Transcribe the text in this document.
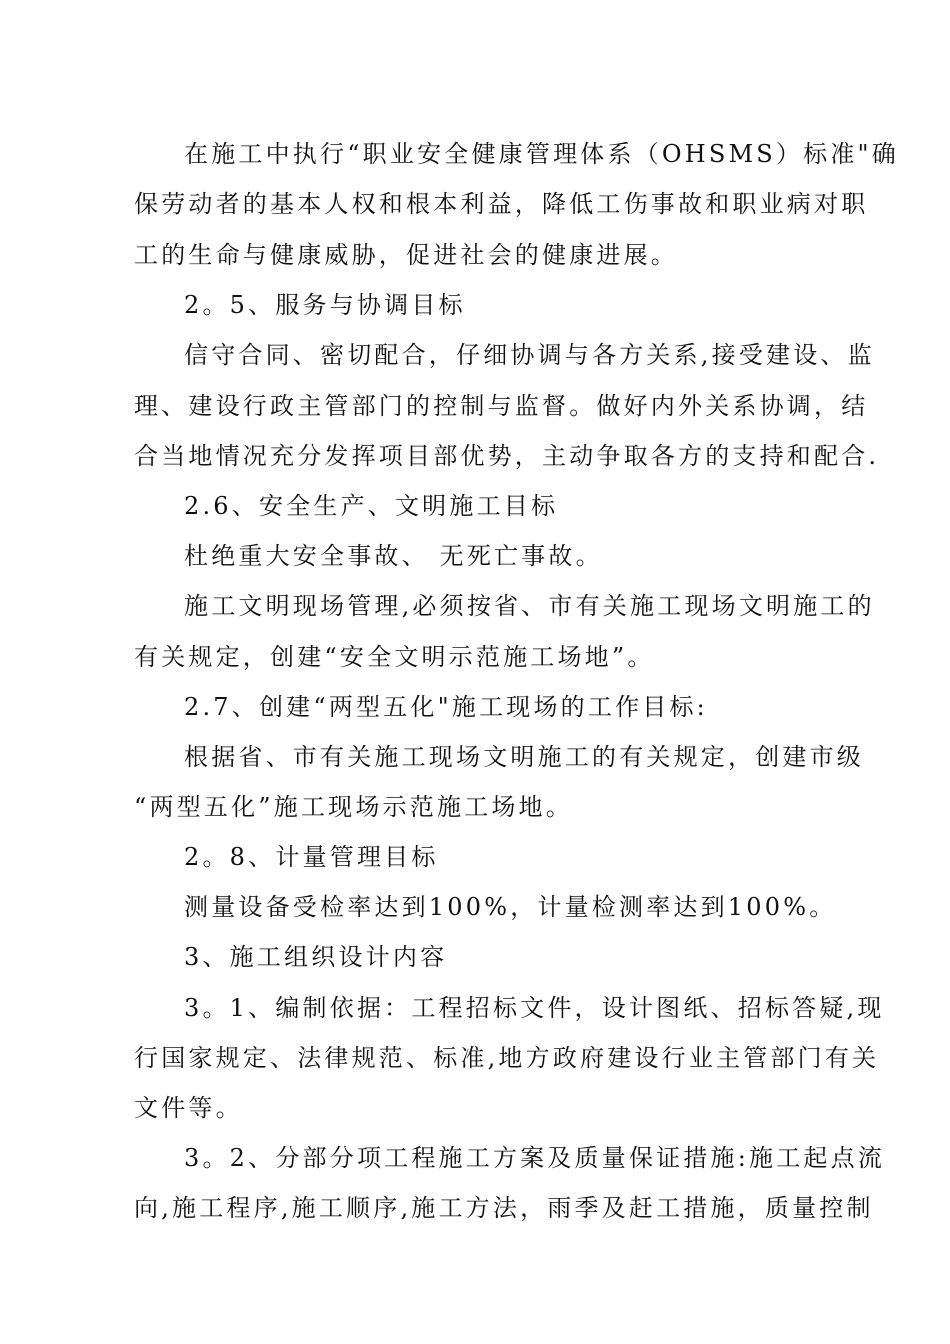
在施工中执行“职业安全健康管理体系（OHSMS）标准"确

保劳动者的基本人权和根本利益，降低工伤事故和职业病对职

工的生命与健康威胁，促进社会的健康进展。

2。5、服务与协调目标

信守合同、密切配合，仔细协调与各方关系,接受建设、监

理、建设行政主管部门的控制与监督。做好内外关系协调，结

合当地情况充分发挥项目部优势，主动争取各方的支持和配合.

2.6、安全生产、文明施工目标

杜绝重大安全事故、 无死亡事故。

施工文明现场管理,必须按省、市有关施工现场文明施工的

有关规定，创建“安全文明示范施工场地”。

2.7、创建“两型五化"施工现场的工作目标:

根据省、市有关施工现场文明施工的有关规定，创建市级

“两型五化”施工现场示范施工场地。

2。8、计量管理目标

测量设备受检率达到100%，计量检测率达到100%。

3、施工组织设计内容

3。1、编制依据：工程招标文件，设计图纸、招标答疑,现

行国家规定、法律规范、标准,地方政府建设行业主管部门有关

文件等。

3。2、分部分项工程施工方案及质量保证措施:施工起点流

向,施工程序,施工顺序,施工方法，雨季及赶工措施，质量控制
